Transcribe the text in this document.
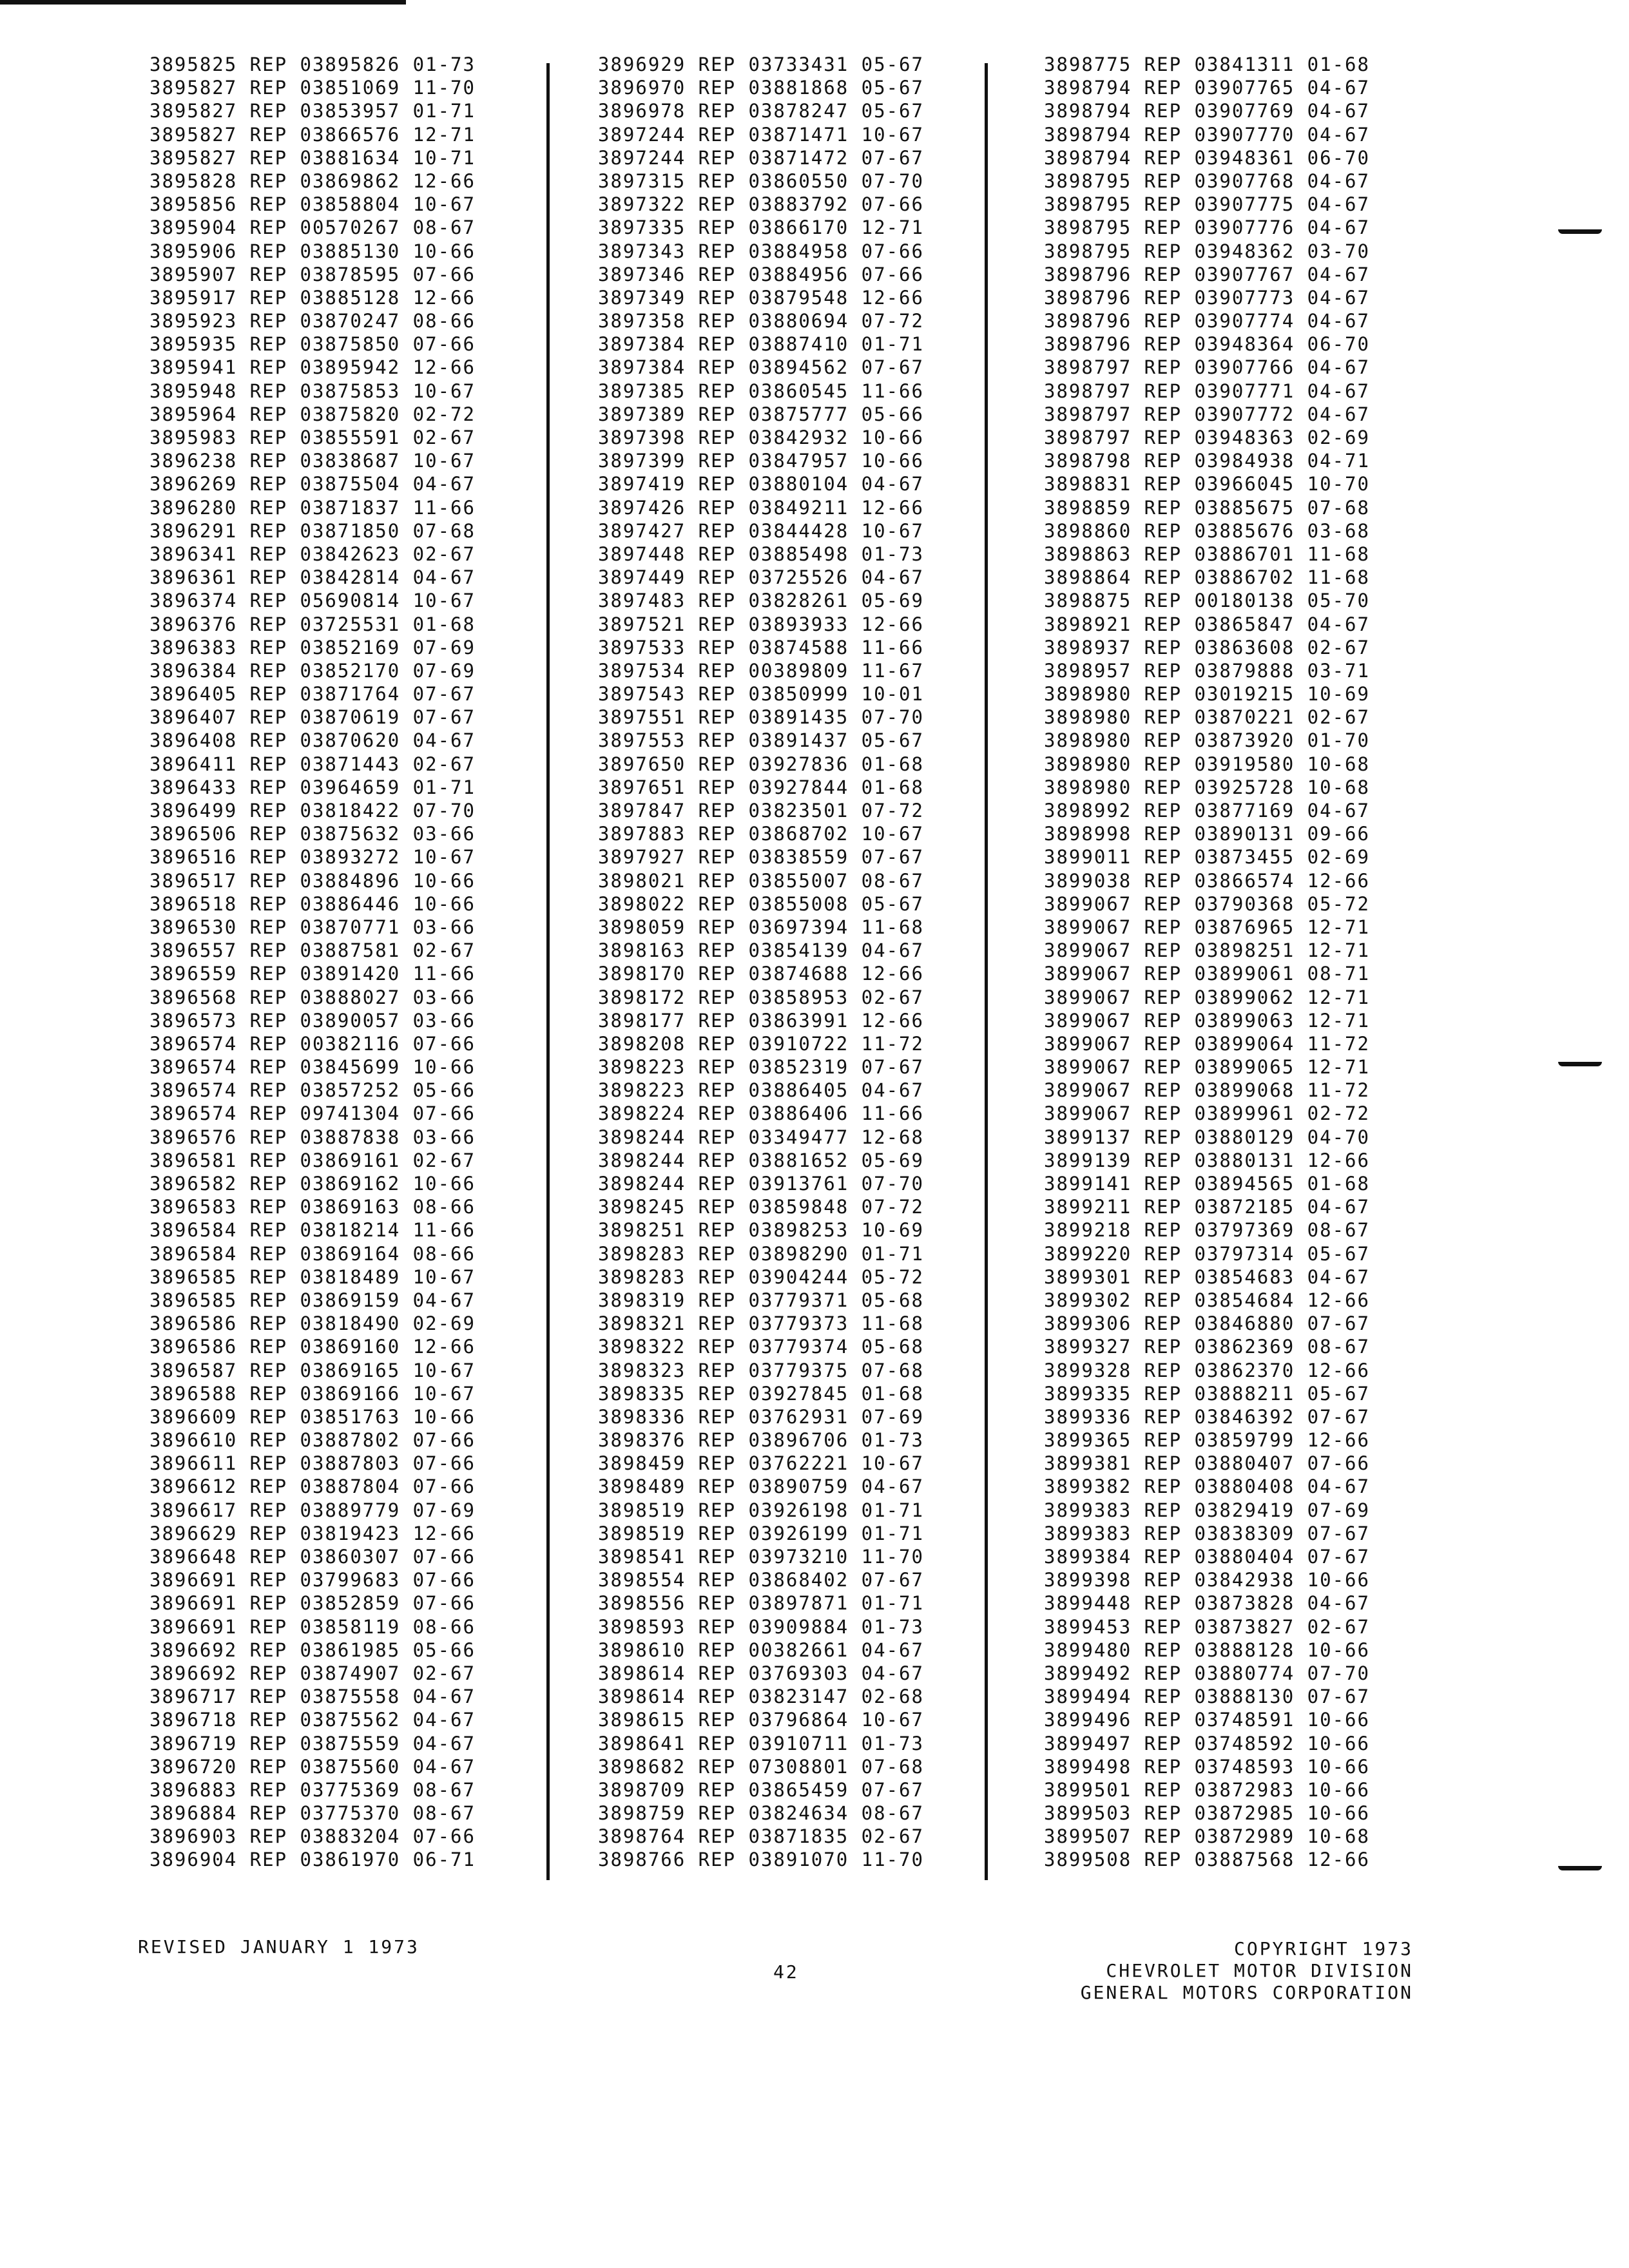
3895825 REP 03895826 01-73
3895827 REP 03851069 11-70
3895827 REP 03853957 01-71
3895827 REP 03866576 12-71
3895827 REP 03881634 10-71
3895828 REP 03869862 12-66
3895856 REP 03858804 10-67
3895904 REP 00570267 08-67
3895906 REP 03885130 10-66
3895907 REP 03878595 07-66
3895917 REP 03885128 12-66
3895923 REP 03870247 08-66
3895935 REP 03875850 07-66
3895941 REP 03895942 12-66
3895948 REP 03875853 10-67
3895964 REP 03875820 02-72
3895983 REP 03855591 02-67
3896238 REP 03838687 10-67
3896269 REP 03875504 04-67
3896280 REP 03871837 11-66
3896291 REP 03871850 07-68
3896341 REP 03842623 02-67
3896361 REP 03842814 04-67
3896374 REP 05690814 10-67
3896376 REP 03725531 01-68
3896383 REP 03852169 07-69
3896384 REP 03852170 07-69
3896405 REP 03871764 07-67
3896407 REP 03870619 07-67
3896408 REP 03870620 04-67
3896411 REP 03871443 02-67
3896433 REP 03964659 01-71
3896499 REP 03818422 07-70
3896506 REP 03875632 03-66
3896516 REP 03893272 10-67
3896517 REP 03884896 10-66
3896518 REP 03886446 10-66
3896530 REP 03870771 03-66
3896557 REP 03887581 02-67
3896559 REP 03891420 11-66
3896568 REP 03888027 03-66
3896573 REP 03890057 03-66
3896574 REP 00382116 07-66
3896574 REP 03845699 10-66
3896574 REP 03857252 05-66
3896574 REP 09741304 07-66
3896576 REP 03887838 03-66
3896581 REP 03869161 02-67
3896582 REP 03869162 10-66
3896583 REP 03869163 08-66
3896584 REP 03818214 11-66
3896584 REP 03869164 08-66
3896585 REP 03818489 10-67
3896585 REP 03869159 04-67
3896586 REP 03818490 02-69
3896586 REP 03869160 12-66
3896587 REP 03869165 10-67
3896588 REP 03869166 10-67
3896609 REP 03851763 10-66
3896610 REP 03887802 07-66
3896611 REP 03887803 07-66
3896612 REP 03887804 07-66
3896617 REP 03889779 07-69
3896629 REP 03819423 12-66
3896648 REP 03860307 07-66
3896691 REP 03799683 07-66
3896691 REP 03852859 07-66
3896691 REP 03858119 08-66
3896692 REP 03861985 05-66
3896692 REP 03874907 02-67
3896717 REP 03875558 04-67
3896718 REP 03875562 04-67
3896719 REP 03875559 04-67
3896720 REP 03875560 04-67
3896883 REP 03775369 08-67
3896884 REP 03775370 08-67
3896903 REP 03883204 07-66
3896904 REP 03861970 06-71
3896929 REP 03733431 05-67
3896970 REP 03881868 05-67
3896978 REP 03878247 05-67
3897244 REP 03871471 10-67
3897244 REP 03871472 07-67
3897315 REP 03860550 07-70
3897322 REP 03883792 07-66
3897335 REP 03866170 12-71
3897343 REP 03884958 07-66
3897346 REP 03884956 07-66
3897349 REP 03879548 12-66
3897358 REP 03880694 07-72
3897384 REP 03887410 01-71
3897384 REP 03894562 07-67
3897385 REP 03860545 11-66
3897389 REP 03875777 05-66
3897398 REP 03842932 10-66
3897399 REP 03847957 10-66
3897419 REP 03880104 04-67
3897426 REP 03849211 12-66
3897427 REP 03844428 10-67
3897448 REP 03885498 01-73
3897449 REP 03725526 04-67
3897483 REP 03828261 05-69
3897521 REP 03893933 12-66
3897533 REP 03874588 11-66
3897534 REP 00389809 11-67
3897543 REP 03850999 10-01
3897551 REP 03891435 07-70
3897553 REP 03891437 05-67
3897650 REP 03927836 01-68
3897651 REP 03927844 01-68
3897847 REP 03823501 07-72
3897883 REP 03868702 10-67
3897927 REP 03838559 07-67
3898021 REP 03855007 08-67
3898022 REP 03855008 05-67
3898059 REP 03697394 11-68
3898163 REP 03854139 04-67
3898170 REP 03874688 12-66
3898172 REP 03858953 02-67
3898177 REP 03863991 12-66
3898208 REP 03910722 11-72
3898223 REP 03852319 07-67
3898223 REP 03886405 04-67
3898224 REP 03886406 11-66
3898244 REP 03349477 12-68
3898244 REP 03881652 05-69
3898244 REP 03913761 07-70
3898245 REP 03859848 07-72
3898251 REP 03898253 10-69
3898283 REP 03898290 01-71
3898283 REP 03904244 05-72
3898319 REP 03779371 05-68
3898321 REP 03779373 11-68
3898322 REP 03779374 05-68
3898323 REP 03779375 07-68
3898335 REP 03927845 01-68
3898336 REP 03762931 07-69
3898376 REP 03896706 01-73
3898459 REP 03762221 10-67
3898489 REP 03890759 04-67
3898519 REP 03926198 01-71
3898519 REP 03926199 01-71
3898541 REP 03973210 11-70
3898554 REP 03868402 07-67
3898556 REP 03897871 01-71
3898593 REP 03909884 01-73
3898610 REP 00382661 04-67
3898614 REP 03769303 04-67
3898614 REP 03823147 02-68
3898615 REP 03796864 10-67
3898641 REP 03910711 01-73
3898682 REP 07308801 07-68
3898709 REP 03865459 07-67
3898759 REP 03824634 08-67
3898764 REP 03871835 02-67
3898766 REP 03891070 11-70
3898775 REP 03841311 01-68
3898794 REP 03907765 04-67
3898794 REP 03907769 04-67
3898794 REP 03907770 04-67
3898794 REP 03948361 06-70
3898795 REP 03907768 04-67
3898795 REP 03907775 04-67
3898795 REP 03907776 04-67
3898795 REP 03948362 03-70
3898796 REP 03907767 04-67
3898796 REP 03907773 04-67
3898796 REP 03907774 04-67
3898796 REP 03948364 06-70
3898797 REP 03907766 04-67
3898797 REP 03907771 04-67
3898797 REP 03907772 04-67
3898797 REP 03948363 02-69
3898798 REP 03984938 04-71
3898831 REP 03966045 10-70
3898859 REP 03885675 07-68
3898860 REP 03885676 03-68
3898863 REP 03886701 11-68
3898864 REP 03886702 11-68
3898875 REP 00180138 05-70
3898921 REP 03865847 04-67
3898937 REP 03863608 02-67
3898957 REP 03879888 03-71
3898980 REP 03019215 10-69
3898980 REP 03870221 02-67
3898980 REP 03873920 01-70
3898980 REP 03919580 10-68
3898980 REP 03925728 10-68
3898992 REP 03877169 04-67
3898998 REP 03890131 09-66
3899011 REP 03873455 02-69
3899038 REP 03866574 12-66
3899067 REP 03790368 05-72
3899067 REP 03876965 12-71
3899067 REP 03898251 12-71
3899067 REP 03899061 08-71
3899067 REP 03899062 12-71
3899067 REP 03899063 12-71
3899067 REP 03899064 11-72
3899067 REP 03899065 12-71
3899067 REP 03899068 11-72
3899067 REP 03899961 02-72
3899137 REP 03880129 04-70
3899139 REP 03880131 12-66
3899141 REP 03894565 01-68
3899211 REP 03872185 04-67
3899218 REP 03797369 08-67
3899220 REP 03797314 05-67
3899301 REP 03854683 04-67
3899302 REP 03854684 12-66
3899306 REP 03846880 07-67
3899327 REP 03862369 08-67
3899328 REP 03862370 12-66
3899335 REP 03888211 05-67
3899336 REP 03846392 07-67
3899365 REP 03859799 12-66
3899381 REP 03880407 07-66
3899382 REP 03880408 04-67
3899383 REP 03829419 07-69
3899383 REP 03838309 07-67
3899384 REP 03880404 07-67
3899398 REP 03842938 10-66
3899448 REP 03873828 04-67
3899453 REP 03873827 02-67
3899480 REP 03888128 10-66
3899492 REP 03880774 07-70
3899494 REP 03888130 07-67
3899496 REP 03748591 10-66
3899497 REP 03748592 10-66
3899498 REP 03748593 10-66
3899501 REP 03872983 10-66
3899503 REP 03872985 10-66
3899507 REP 03872989 10-68
3899508 REP 03887568 12-66
REVISED JANUARY 1 1973
42
COPYRIGHT 1973
CHEVROLET MOTOR DIVISION
GENERAL MOTORS CORPORATION
